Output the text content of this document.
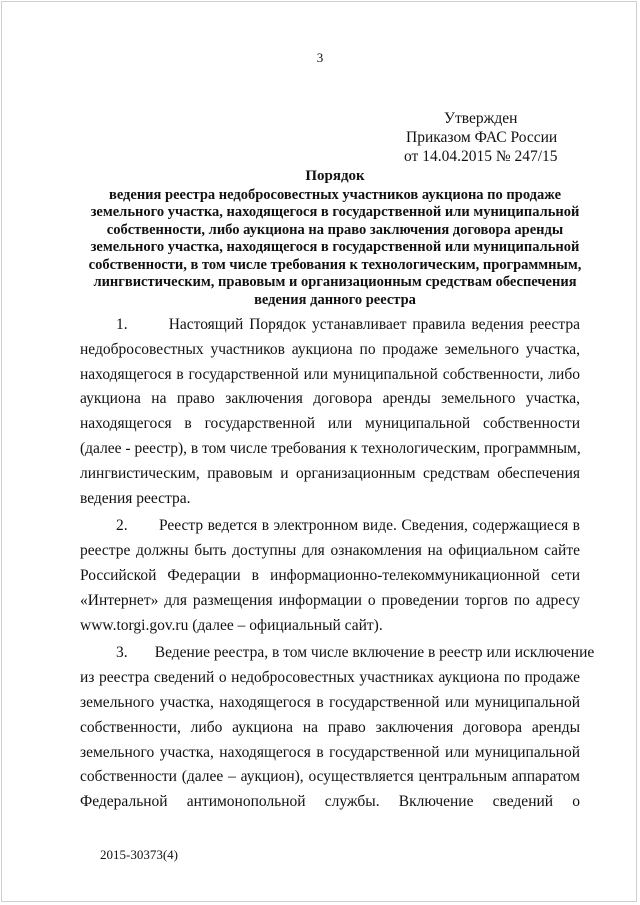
3
Утвержден
Приказом ФАС России
от 14.04.2015 № 247/15
Порядок
ведения реестра недобросовестных участников аукциона по продаже
земельного участка, находящегося в государственной или муниципальной
собственности, либо аукциона на право заключения договора аренды
земельного участка, находящегося в государственной или муниципальной
собственности, в том числе требования к технологическим, программным,
лингвистическим, правовым и организационным средствам обеспечения
ведения данного реестра
1.       Настоящий Порядок устанавливает правила ведения реестра
недобросовестных участников аукциона по продаже земельного участка,
находящегося в государственной или муниципальной собственности, либо
аукциона на право заключения договора аренды земельного участка,
находящегося в государственной или муниципальной собственности
(далее - реестр), в том числе требования к технологическим, программным,
лингвистическим, правовым и организационным средствам обеспечения
ведения реестра.
2.       Реестр ведется в электронном виде. Сведения, содержащиеся в
реестре должны быть доступны для ознакомления на официальном сайте
Российской Федерации в информационно-телекоммуникационной сети
«Интернет» для размещения информации о проведении торгов по адресу
www.torgi.gov.ru (далее – официальный сайт).
3.       Ведение реестра, в том числе включение в реестр или исключение
из реестра сведений о недобросовестных участниках аукциона по продаже
земельного участка, находящегося в государственной или муниципальной
собственности, либо аукциона на право заключения договора аренды
земельного участка, находящегося в государственной или муниципальной
собственности (далее – аукцион), осуществляется центральным аппаратом
Федеральной антимонопольной службы. Включение сведений о
2015-30373(4)
